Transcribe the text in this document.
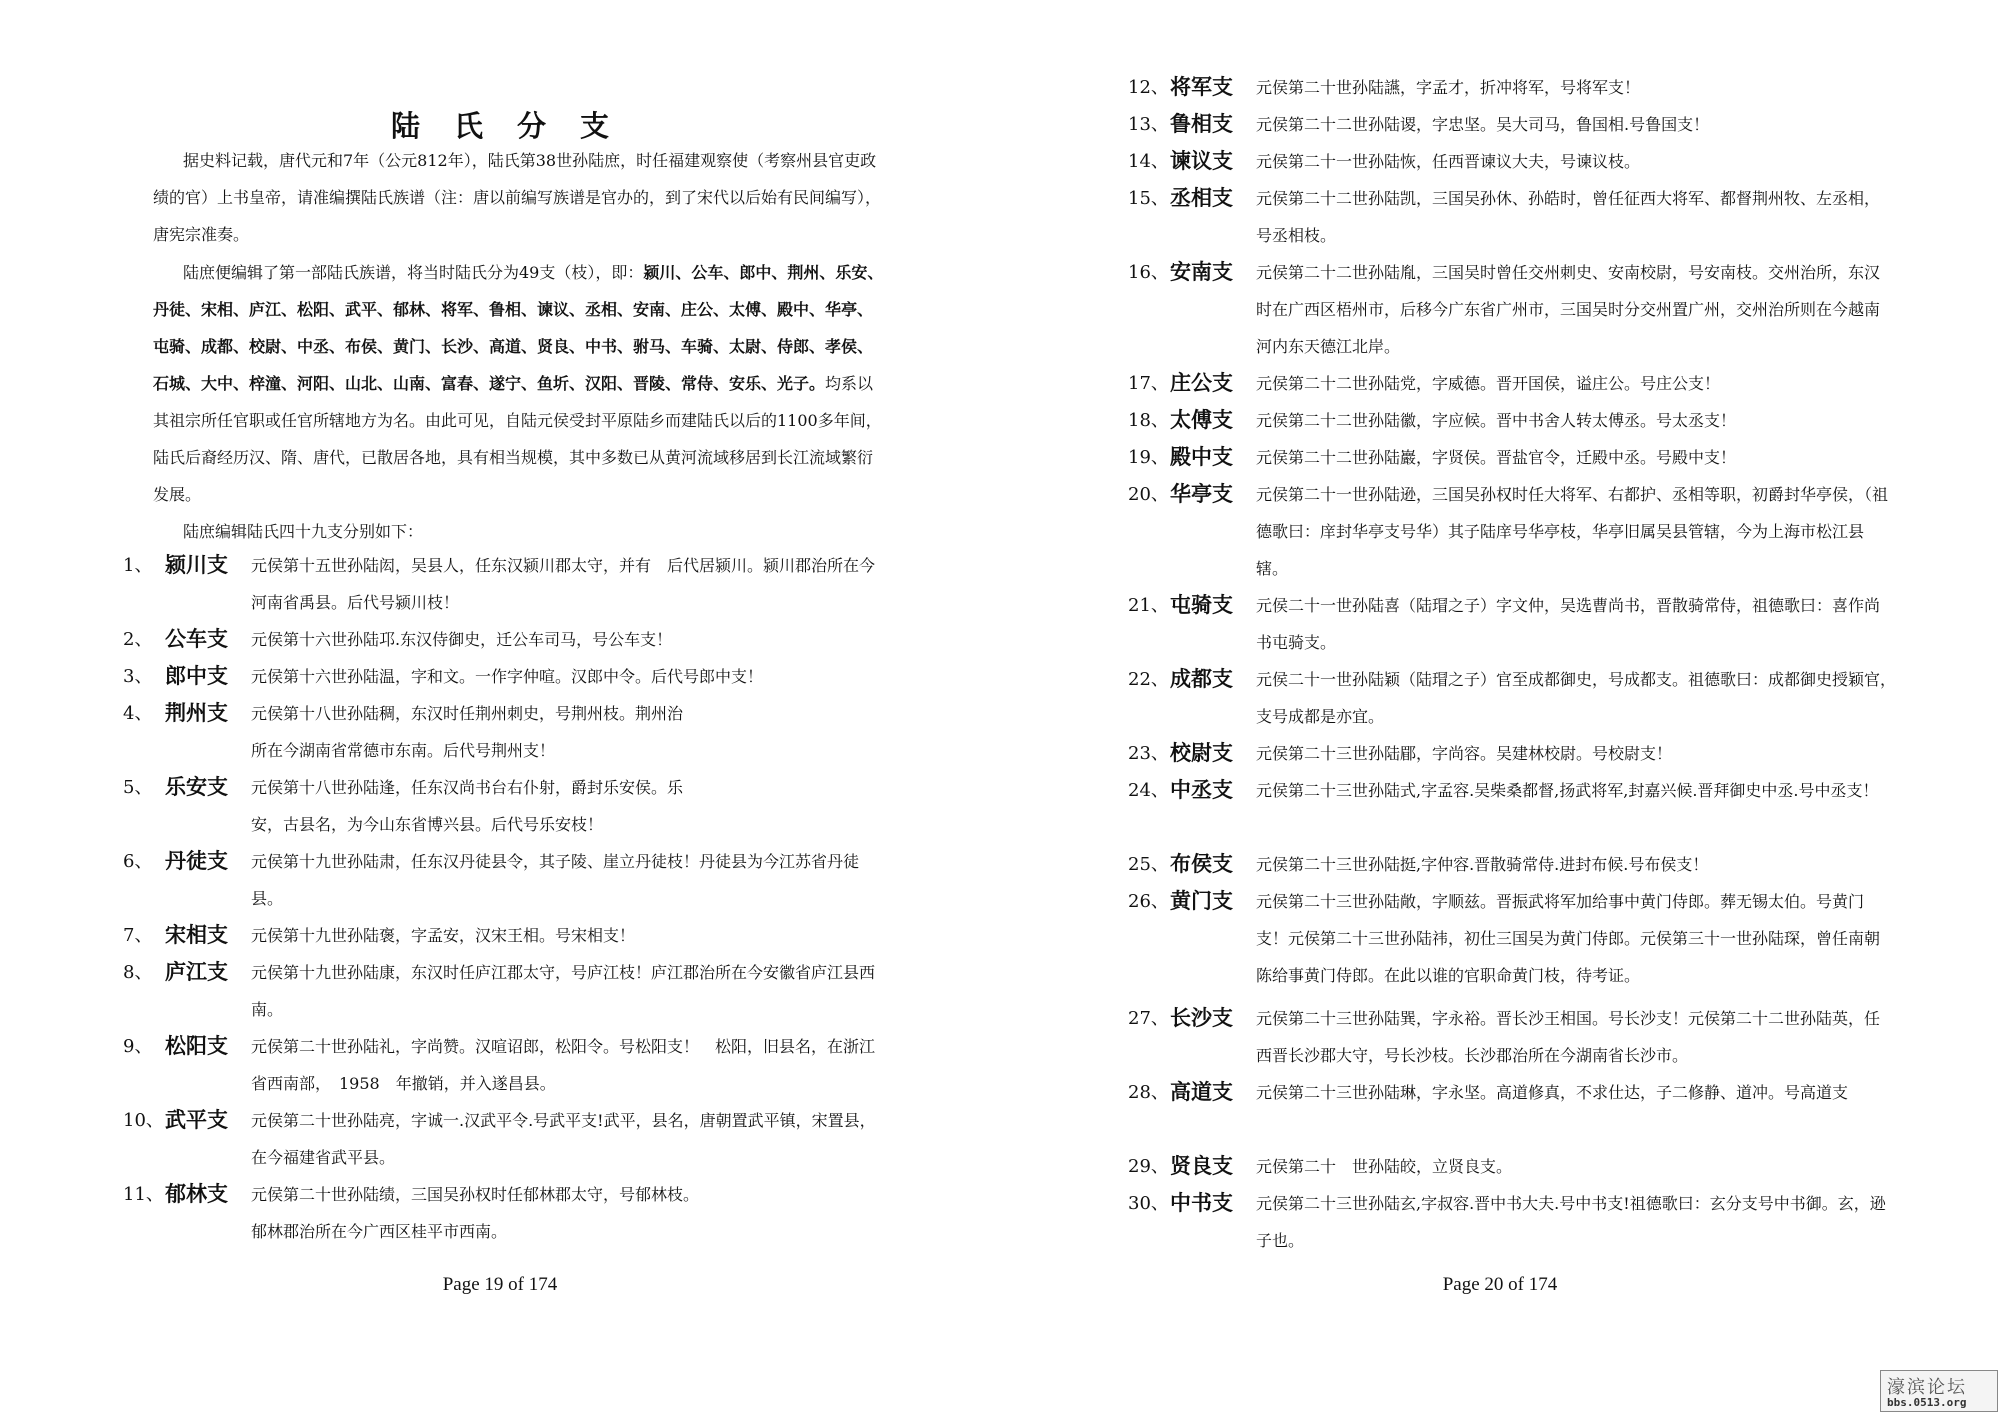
陆氏分支

据史料记载，唐代元和7年（公元812年），陆氏第38世孙陆庶，时任福建观察使（考察州县官吏政绩的官）上书皇帝，请准编撰陆氏族谱（注：唐以前编写族谱是官办的，到了宋代以后始有民间编写），唐宪宗准奏。

陆庶便编辑了第一部陆氏族谱，将当时陆氏分为49支（枝），即：颍川、公车、郎中、荆州、乐安、丹徒、宋相、庐江、松阳、武平、郁林、将军、鲁相、谏议、丞相、安南、庄公、太傅、殿中、华亭、屯骑、成都、校尉、中丞、布侯、黄门、长沙、高道、贤良、中书、驸马、车骑、太尉、侍郎、孝侯、石城、大中、梓潼、河阳、山北、山南、富春、遂宁、鱼圻、汉阳、晋陵、常侍、安乐、光子。均系以其祖宗所任官职或任官所辖地方为名。由此可见，自陆元侯受封平原陆乡而建陆氏以后的1100多年间，陆氏后裔经历汉、隋、唐代，已散居各地，具有相当规模，其中多数已从黄河流域移居到长江流域繁衍发展。

陆庶编辑陆氏四十九支分别如下：

1、 颍川支 元侯第十五世孙陆闳，吴县人，任东汉颍川郡太守，并有　后代居颍川。颍川郡治所在今河南省禹县。后代号颍川枝！
2、 公车支 元侯第十六世孙陆邛.东汉侍御史，迁公车司马，号公车支！
3、 郎中支 元侯第十六世孙陆温，字和文。一作字仲喧。汉郎中令。后代号郎中支！
4、 荆州支 元侯第十八世孙陆稠，东汉时任荆州刺史，号荆州枝。荆州治所在今湖南省常德市东南。后代号荆州支！
5、 乐安支 元侯第十八世孙陆逢，任东汉尚书台右仆射，爵封乐安侯。乐安，古县名，为今山东省博兴县。后代号乐安枝！
6、 丹徒支 元侯第十九世孙陆肃，任东汉丹徒县令，其子陵、崖立丹徒枝！丹徒县为今江苏省丹徒县。
7、 宋相支 元侯第十九世孙陆褒，字孟安，汉宋王相。号宋相支！
8、 庐江支 元侯第十九世孙陆康，东汉时任庐江郡太守，号庐江枝！庐江郡治所在今安徽省庐江县西南。
9、 松阳支 元侯第二十世孙陆礼，字尚赞。汉喧诏郎，松阳令。号松阳支！　松阳，旧县名，在浙江省西南部，　1958　年撤销，并入遂昌县。
10、 武平支 元侯第二十世孙陆亮，字诚一.汉武平令.号武平支!武平，县名，唐朝置武平镇，宋置县，在今福建省武平县。
11、 郁林支 元侯第二十世孙陆绩，三国吴孙权时任郁林郡太守，号郁林枝。郁林郡治所在今广西区桂平市西南。
Page 19 of 174
12、 将军支 元侯第二十世孙陆讌，字孟才，折冲将军，号将军支！
13、 鲁相支 元侯第二十二世孙陆谡，字忠坚。吴大司马，鲁国相.号鲁国支！
14、 谏议支 元侯第二十一世孙陆恢，任西晋谏议大夫，号谏议枝。
15、 丞相支 元侯第二十二世孙陆凯，三国吴孙休、孙皓时，曾任征西大将军、都督荆州牧、左丞相，号丞相枝。
16、 安南支 元侯第二十二世孙陆胤，三国吴时曾任交州刺史、安南校尉，号安南枝。交州治所，东汉时在广西区梧州市，后移今广东省广州市，三国吴时分交州置广州，交州治所则在今越南河内东天德江北岸。
17、 庄公支 元侯第二十二世孙陆党，字威德。晋开国侯，谥庄公。号庄公支！
18、 太傅支 元侯第二十二世孙陆徽，字应候。晋中书舍人转太傅丞。号太丞支！
19、 殿中支 元侯第二十二世孙陆巖，字贤侯。晋盐官令，迁殿中丞。号殿中支！
20、 华亭支 元侯第二十一世孙陆逊，三国吴孙权时任大将军、右都护、丞相等职，初爵封华亭侯，（祖德歌曰：庠封华亭支号华）其子陆庠号华亭枝，华亭旧属吴县管辖，今为上海市松江县辖。
21、 屯骑支 元侯二十一世孙陆喜（陆瑁之子）字文仲，吴选曹尚书，晋散骑常侍，祖德歌曰：喜作尚书屯骑支。
22、 成都支 元侯二十一世孙陆颖（陆瑁之子）官至成都御史，号成都支。祖德歌曰：成都御史授颖官，　支号成都是亦宜。
23、 校尉支 元侯第二十三世孙陆郿，字尚容。吴建林校尉。号校尉支！
24、 中丞支 元侯第二十三世孙陆式,字孟容.吴柴桑都督,扬武将军,封嘉兴候.晋拜御史中丞.号中丞支！
25、 布侯支 元侯第二十三世孙陆挺,字仲容.晋散骑常侍.进封布候.号布侯支！
26、 黄门支 元侯第二十三世孙陆敞，字顺兹。晋振武将军加给事中黄门侍郎。葬无锡太伯。号黄门支！元侯第二十三世孙陆祎，初仕三国吴为黄门侍郎。元侯第三十一世孙陆琛，曾任南朝陈给事黄门侍郎。在此以谁的官职命黄门枝，待考证。
27、 长沙支 元侯第二十三世孙陆巽，字永裕。晋长沙王相国。号长沙支！元侯第二十二世孙陆英，任西晋长沙郡大守，号长沙枝。长沙郡治所在今湖南省长沙市。
28、 高道支 元侯第二十三世孙陆琳，字永坚。高道修真，不求仕达，子二修静、道冲。号高道支
29、 贤良支 元侯第二十　世孙陆皎，立贤良支。
30、 中书支 元侯第二十三世孙陆玄,字叔容.晋中书大夫.号中书支!祖德歌曰：玄分支号中书御。玄，逊子也。
Page 20 of 174
濠滨论坛
bbs.0513.org
